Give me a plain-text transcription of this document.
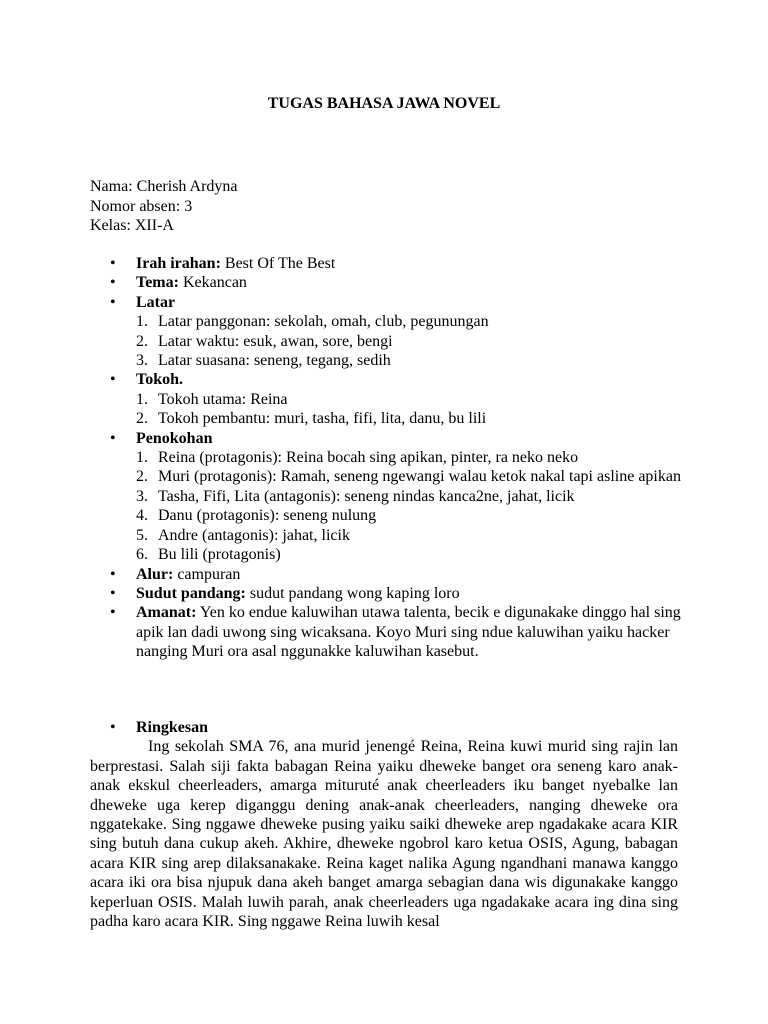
TUGAS BAHASA JAWA NOVEL
Nama: Cherish Ardyna
Nomor absen: 3
Kelas: XII-A
• Irah irahan: Best Of The Best
• Tema: Kekancan
• Latar
1. Latar panggonan: sekolah, omah, club, pegunungan
2. Latar waktu: esuk, awan, sore, bengi
3. Latar suasana: seneng, tegang, sedih
• Tokoh.
1. Tokoh utama: Reina
2. Tokoh pembantu: muri, tasha, fifi, lita, danu, bu lili
• Penokohan
1. Reina (protagonis): Reina bocah sing apikan, pinter, ra neko neko
2. Muri (protagonis): Ramah, seneng ngewangi walau ketok nakal tapi asline apikan
3. Tasha, Fifi, Lita (antagonis): seneng nindas kanca2ne, jahat, licik
4. Danu (protagonis): seneng nulung
5. Andre (antagonis): jahat, licik
6. Bu lili (protagonis)
• Alur: campuran
• Sudut pandang: sudut pandang wong kaping loro
• Amanat: Yen ko endue kaluwihan utawa talenta, becik e digunakake dinggo hal sing apik lan dadi uwong sing wicaksana. Koyo Muri sing ndue kaluwihan yaiku hacker nanging Muri ora asal nggunakke kaluwihan kasebut.
• Ringkesan

Ing sekolah SMA 76, ana murid jenengé Reina, Reina kuwi murid sing rajin lan berprestasi. Salah siji fakta babagan Reina yaiku dheweke banget ora seneng karo anak-anak ekskul cheerleaders, amarga mituruté anak cheerleaders iku banget nyebalke lan dheweke uga kerep diganggu dening anak-anak cheerleaders, nanging dheweke ora nggatekake. Sing nggawe dheweke pusing yaiku saiki dheweke arep ngadakake acara KIR sing butuh dana cukup akeh. Akhire, dheweke ngobrol karo ketua OSIS, Agung, babagan acara KIR sing arep dilaksanakake. Reina kaget nalika Agung ngandhani manawa kanggo acara iki ora bisa njupuk dana akeh banget amarga sebagian dana wis digunakake kanggo keperluan OSIS. Malah luwih parah, anak cheerleaders uga ngadakake acara ing dina sing padha karo acara KIR. Sing nggawe Reina luwih kesal
